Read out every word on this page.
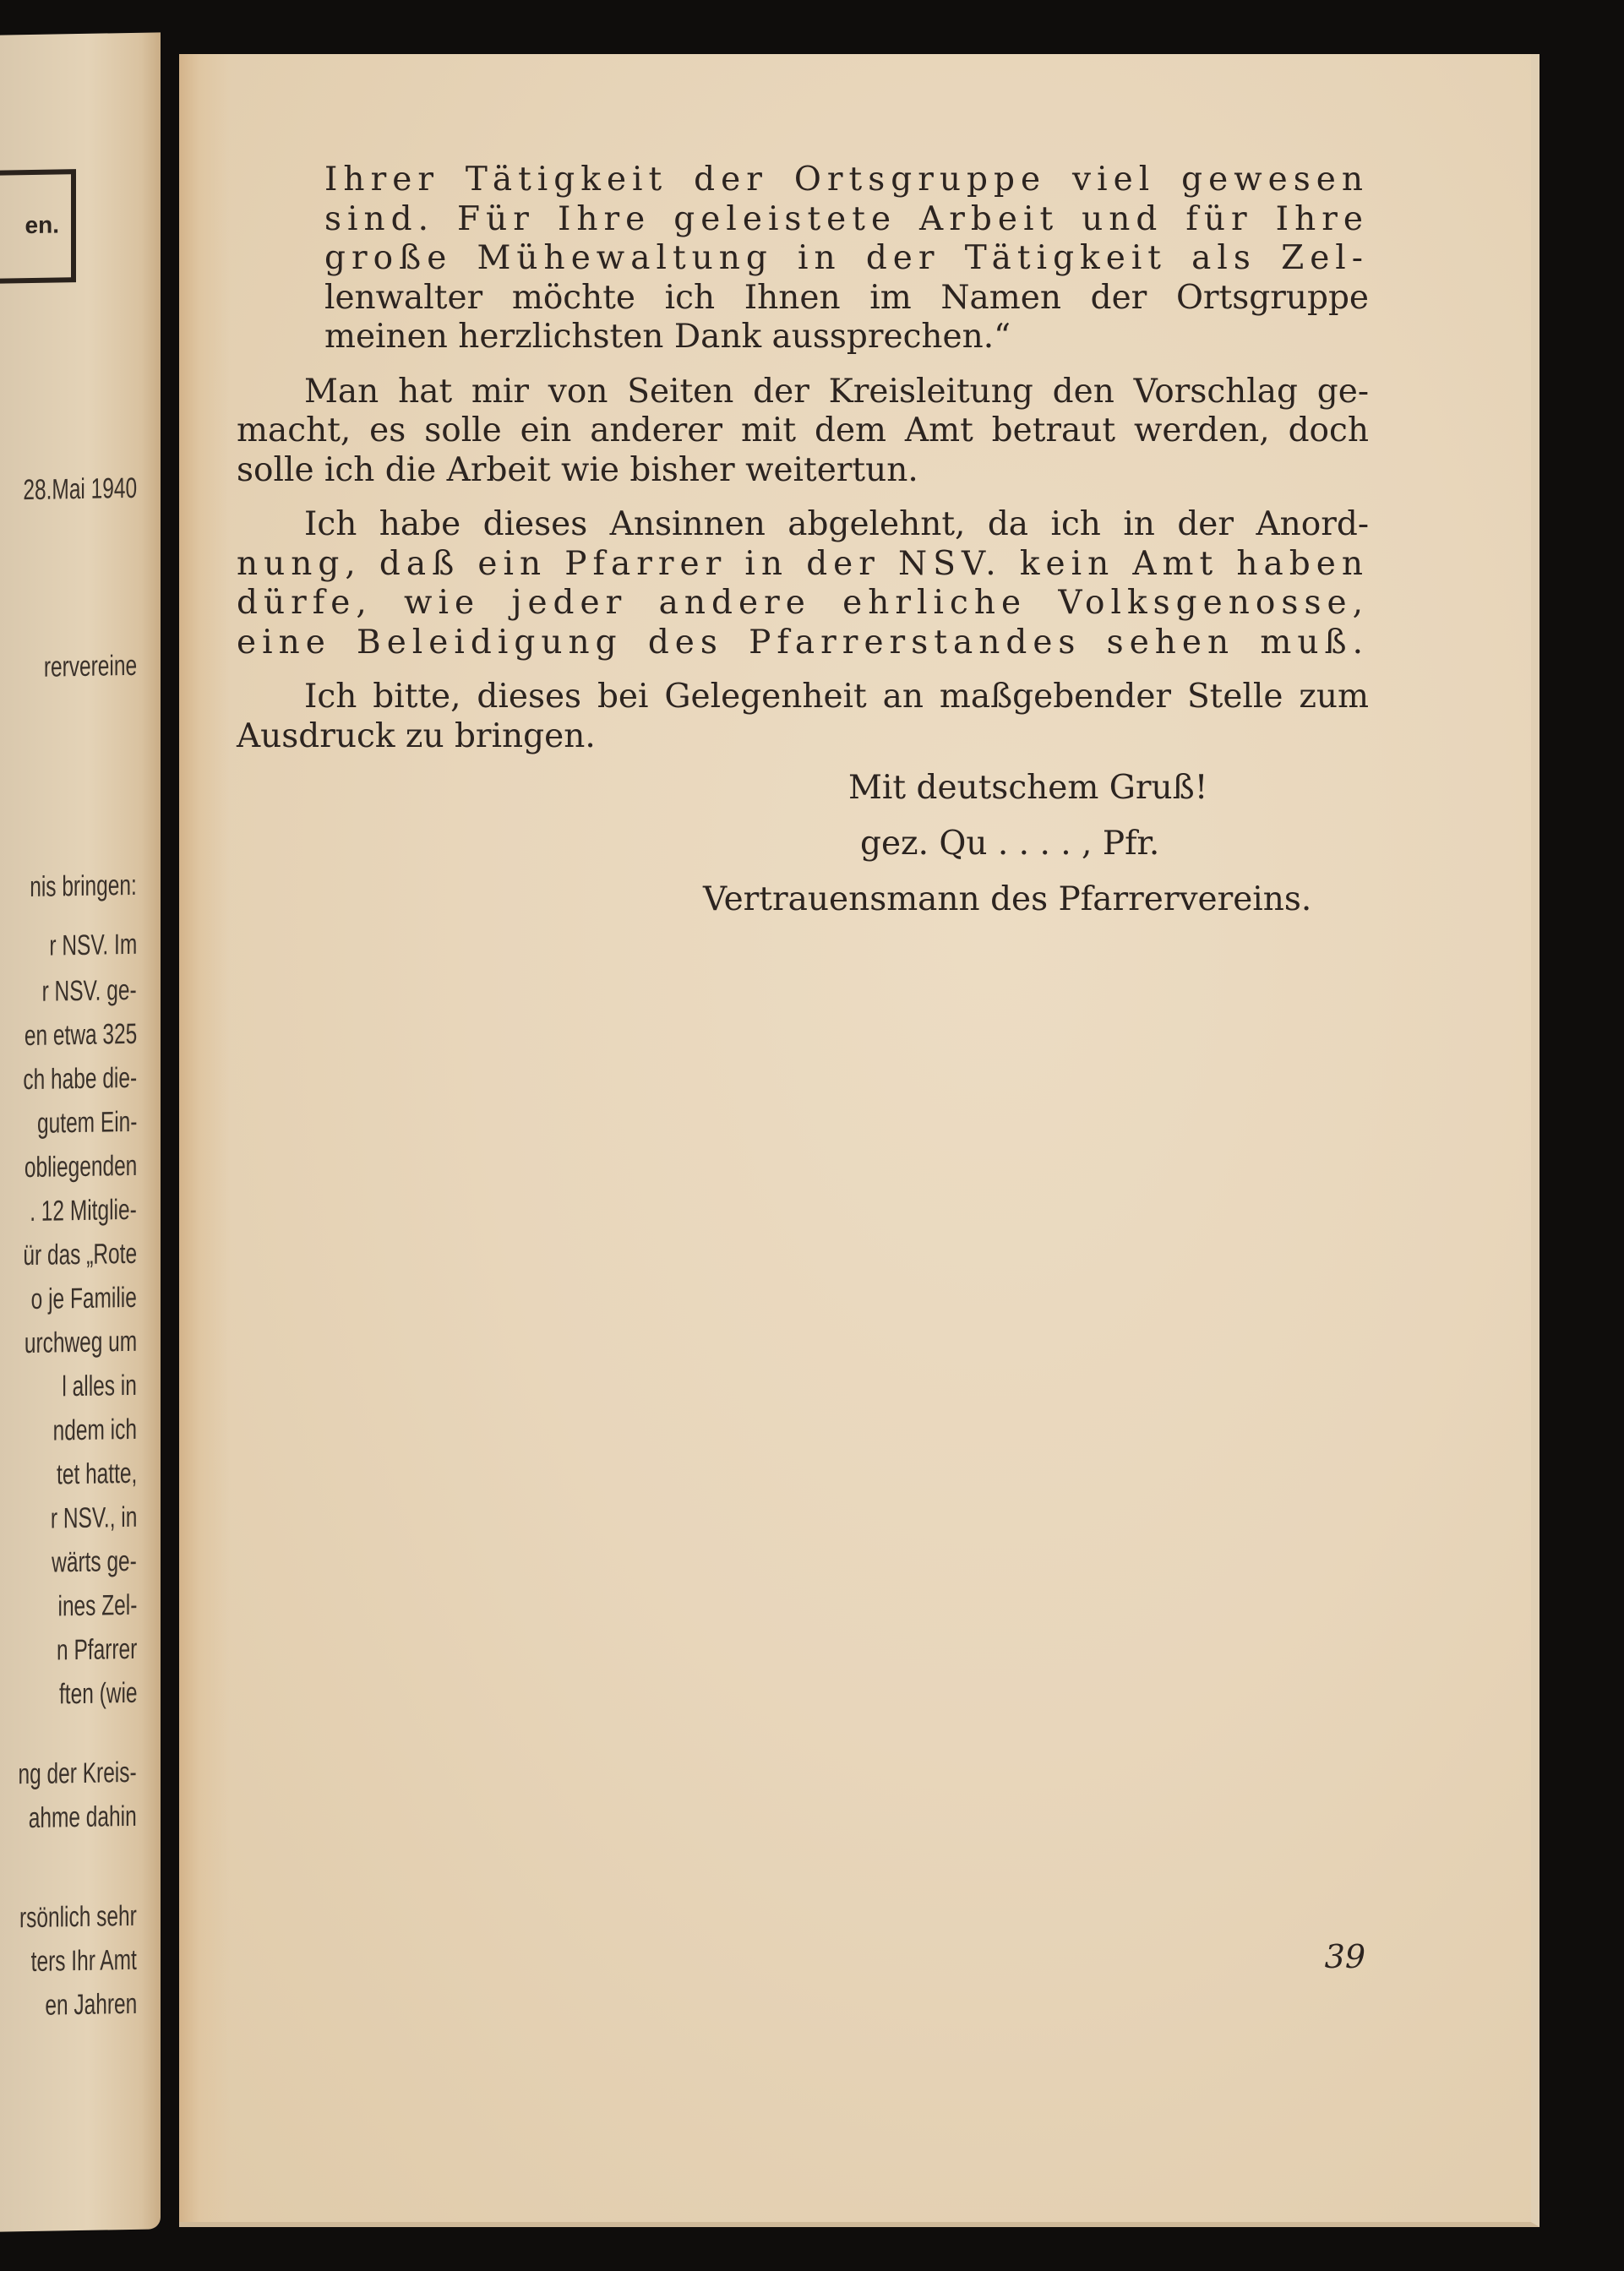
en.

28.Mai 1940

rervereine

nis bringen:

r NSV. Im

r NSV. ge-

en etwa 325

ch habe die-

gutem Ein-

obliegenden

. 12 Mitglie-

ür das „Rote

o je Familie

urchweg um

l alles in

ndem ich

tet hatte,

r NSV., in

wärts ge-

ines Zel-

n Pfarrer

ften (wie

ng der Kreis-

ahme dahin

rsönlich sehr

ters Ihr Amt

en Jahren

Ihrer Tätigkeit der Ortsgruppe viel gewesen
sind. Für Ihre geleistete Arbeit und für Ihre
große Mühewaltung in der Tätigkeit als Zel-
lenwalter möchte ich Ihnen im Namen der Ortsgruppe
meinen herzlichsten Dank aussprechen.“

Man hat mir von Seiten der Kreisleitung den Vorschlag ge-
macht, es solle ein anderer mit dem Amt betraut werden, doch
solle ich die Arbeit wie bisher weitertun.

Ich habe dieses Ansinnen abgelehnt, da ich in der Anord-
nung, daß ein Pfarrer in der NSV. kein Amt haben
dürfe, wie jeder andere ehrliche Volksgenosse,
eine Beleidigung des Pfarrerstandes sehen muß.

Ich bitte, dieses bei Gelegenheit an maßgebender Stelle zum
Ausdruck zu bringen.

Mit deutschem Gruß!

gez. Qu . . . . , Pfr.

Vertrauensmann des Pfarrervereins.

39
